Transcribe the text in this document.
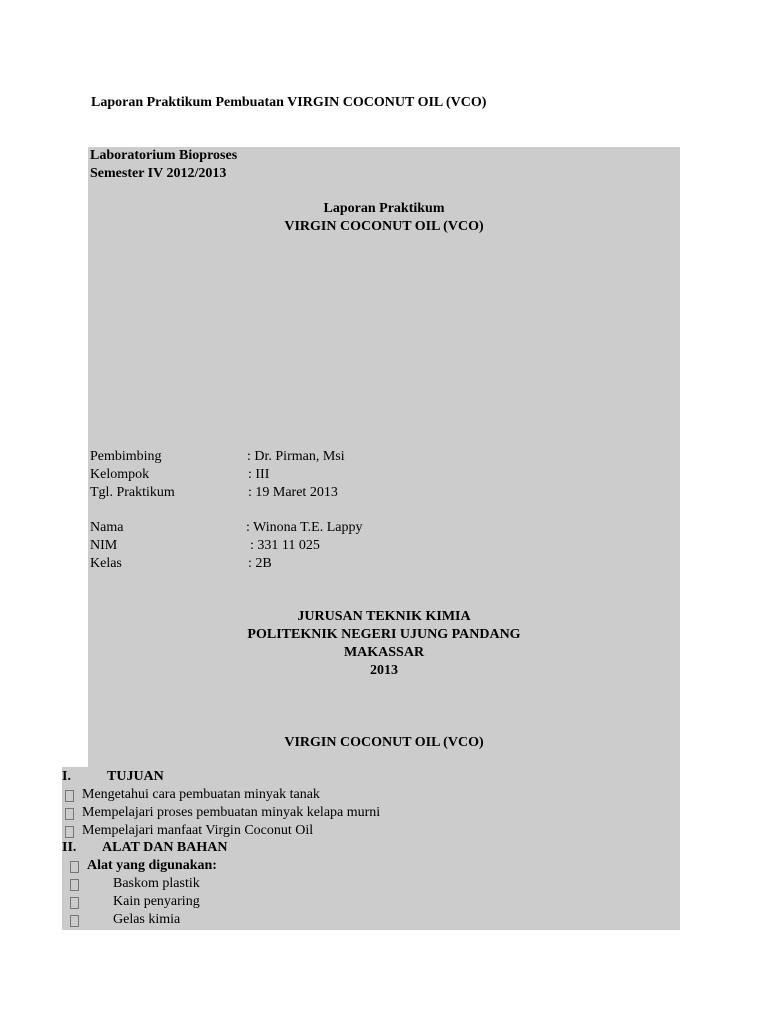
Laporan Praktikum Pembuatan VIRGIN COCONUT OIL (VCO)
Laboratorium Bioproses
Semester IV 2012/2013
Laporan Praktikum
VIRGIN COCONUT OIL (VCO)
Pembimbing	: Dr. Pirman, Msi
Kelompok	: III
Tgl. Praktikum	: 19 Maret 2013
Nama	: Winona T.E. Lappy
NIM	: 331 11 025
Kelas	: 2B
JURUSAN TEKNIK KIMIA
POLITEKNIK NEGERI UJUNG PANDANG
MAKASSAR
2013
VIRGIN COCONUT OIL (VCO)
I.	TUJUAN
Mengetahui cara pembuatan minyak tanak
Mempelajari proses pembuatan minyak kelapa murni
Mempelajari manfaat Virgin Coconut Oil
II. ALAT DAN BAHAN
Alat yang digunakan:
Baskom plastik
Kain penyaring
Gelas kimia
